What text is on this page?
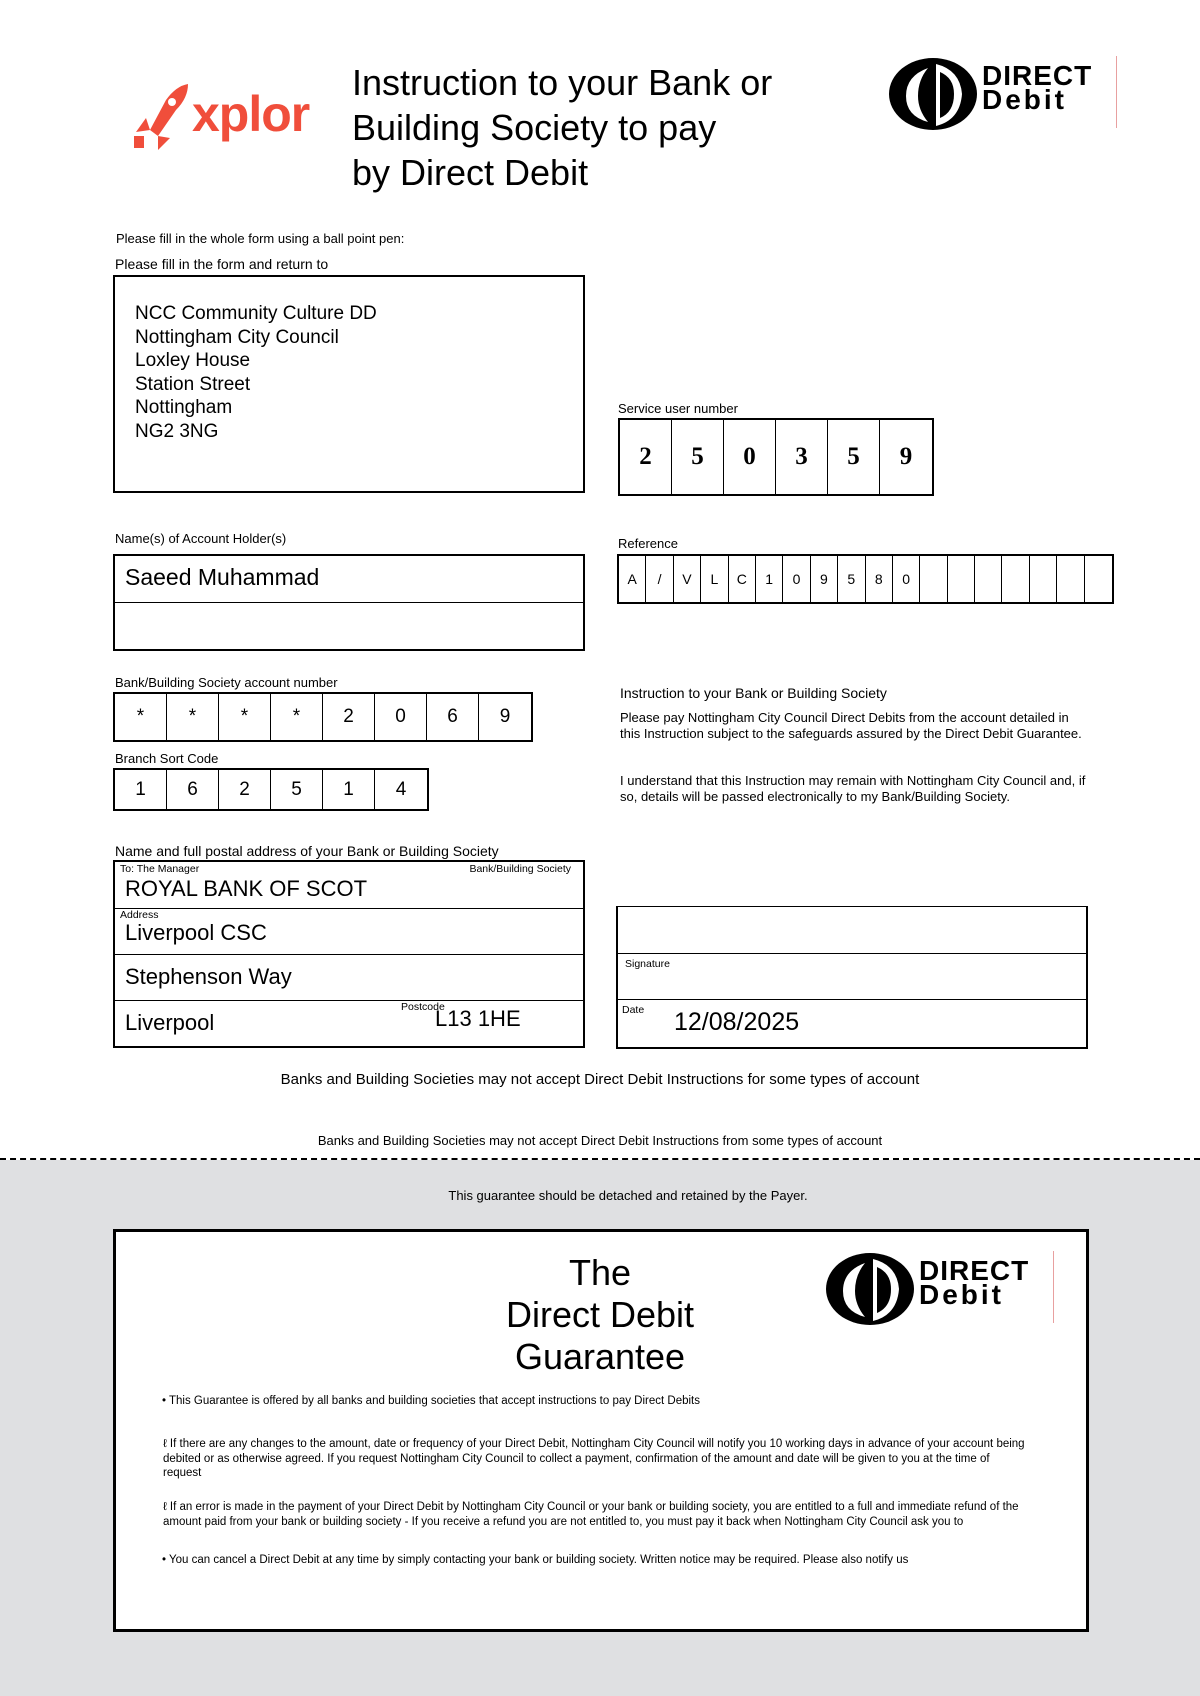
xplor
Instruction to your Bank or
Building Society to pay
by Direct Debit
DIRECT
Debit
Please fill in the whole form using a ball point pen:
Please fill in the form and return to
NCC Community Culture DD
Nottingham City Council
Loxley House
Station Street
Nottingham
NG2 3NG
Service user number
2	5	0	3	5	9
Name(s) of Account Holder(s)
Saeed Muhammad
Reference
A	/	V	L	C	1	0	9	5	8	0
Bank/Building Society account number
*	*	*	*	2	0	6	9
Branch Sort Code
1	6	2	5	1	4
Name and full postal address of your Bank or Building Society
To: The Manager	Bank/Building Society
ROYAL BANK OF SCOT
Address
Liverpool CSC
Stephenson Way
Liverpool
Postcode
L13 1HE
Instruction to your Bank or Building Society
Please pay Nottingham City Council Direct Debits from the account detailed in this Instruction subject to the safeguards assured by the Direct Debit Guarantee.
I understand that this Instruction may remain with Nottingham City Council and, if so, details will be passed electronically to my Bank/Building Society.
Signature
Date 12/08/2025
Banks and Building Societies may not accept Direct Debit Instructions for some types of account
Banks and Building Societies may not accept Direct Debit Instructions from some types of account
This guarantee should be detached and retained by the Payer.
The
Direct Debit
Guarantee
DIRECT
Debit
• This Guarantee is offered by all banks and building societies that accept instructions to pay Direct Debits
ℓ If there are any changes to the amount, date or frequency of your Direct Debit, Nottingham City Council will notify you 10 working days in advance of your account being debited or as otherwise agreed. If you request Nottingham City Council to collect a payment, confirmation of the amount and date will be given to you at the time of request
ℓ If an error is made in the payment of your Direct Debit by Nottingham City Council or your bank or building society, you are entitled to a full and immediate refund of the amount paid from your bank or building society - If you receive a refund you are not entitled to, you must pay it back when Nottingham City Council ask you to
• You can cancel a Direct Debit at any time by simply contacting your bank or building society. Written notice may be required. Please also notify us
